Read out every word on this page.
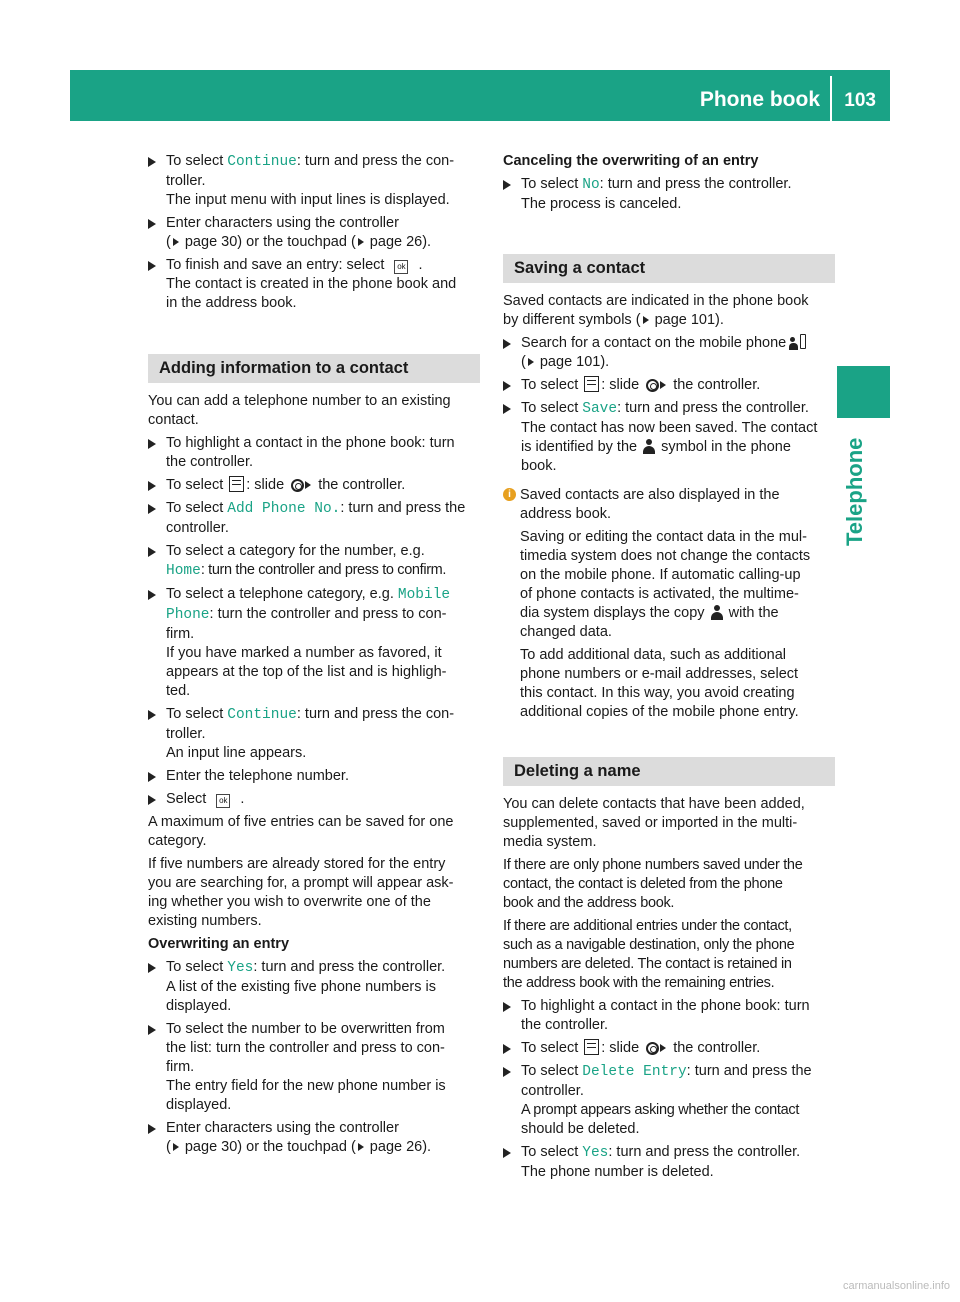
Phone book 103
Telephone
To select Continue: turn and press the con-
troller.
The input menu with input lines is displayed.
Enter characters using the controller
( page 30) or the touchpad ( page 26).
To finish and save an entry: select ok .
The contact is created in the phone book and
in the address book.
Adding information to a contact
You can add a telephone number to an existing
contact.
To highlight a contact in the phone book: turn
the controller.
To select : slide  the controller.
To select Add Phone No.: turn and press the
controller.
To select a category for the number, e.g.
Home: turn the controller and press to confirm.
To select a telephone category, e.g. Mobile
Phone: turn the controller and press to con-
firm.
If you have marked a number as favored, it
appears at the top of the list and is highligh-
ted.
To select Continue: turn and press the con-
troller.
An input line appears.
Enter the telephone number.
Select ok .
A maximum of five entries can be saved for one
category.
If five numbers are already stored for the entry
you are searching for, a prompt will appear ask-
ing whether you wish to overwrite one of the
existing numbers.
Overwriting an entry
To select Yes: turn and press the controller.
A list of the existing five phone numbers is
displayed.
To select the number to be overwritten from
the list: turn the controller and press to con-
firm.
The entry field for the new phone number is
displayed.
Enter characters using the controller
( page 30) or the touchpad ( page 26).
Canceling the overwriting of an entry
To select No: turn and press the controller.
The process is canceled.
Saving a contact
Saved contacts are indicated in the phone book
by different symbols ( page 101).
Search for a contact on the mobile phone

( page 101).
To select : slide  the controller.
To select Save: turn and press the controller.
The contact has now been saved. The contact
is identified by the  symbol in the phone
book.
i Saved contacts are also displayed in the
address book.

Saving or editing the contact data in the mul-
timedia system does not change the contacts
on the mobile phone. If automatic calling-up
of phone contacts is activated, the multime-
dia system displays the copy  with the
changed data.

To add additional data, such as additional
phone numbers or e-mail addresses, select
this contact. In this way, you avoid creating
additional copies of the mobile phone entry.

Deleting a name
You can delete contacts that have been added,
supplemented, saved or imported in the multi-
media system.
If there are only phone numbers saved under the
contact, the contact is deleted from the phone
book and the address book.
If there are additional entries under the contact,
such as a navigable destination, only the phone
numbers are deleted. The contact is retained in
the address book with the remaining entries.
To highlight a contact in the phone book: turn
the controller.
To select : slide  the controller.
To select Delete Entry: turn and press the
controller.
A prompt appears asking whether the contact
should be deleted.
To select Yes: turn and press the controller.
The phone number is deleted.
carmanualsonline.info
